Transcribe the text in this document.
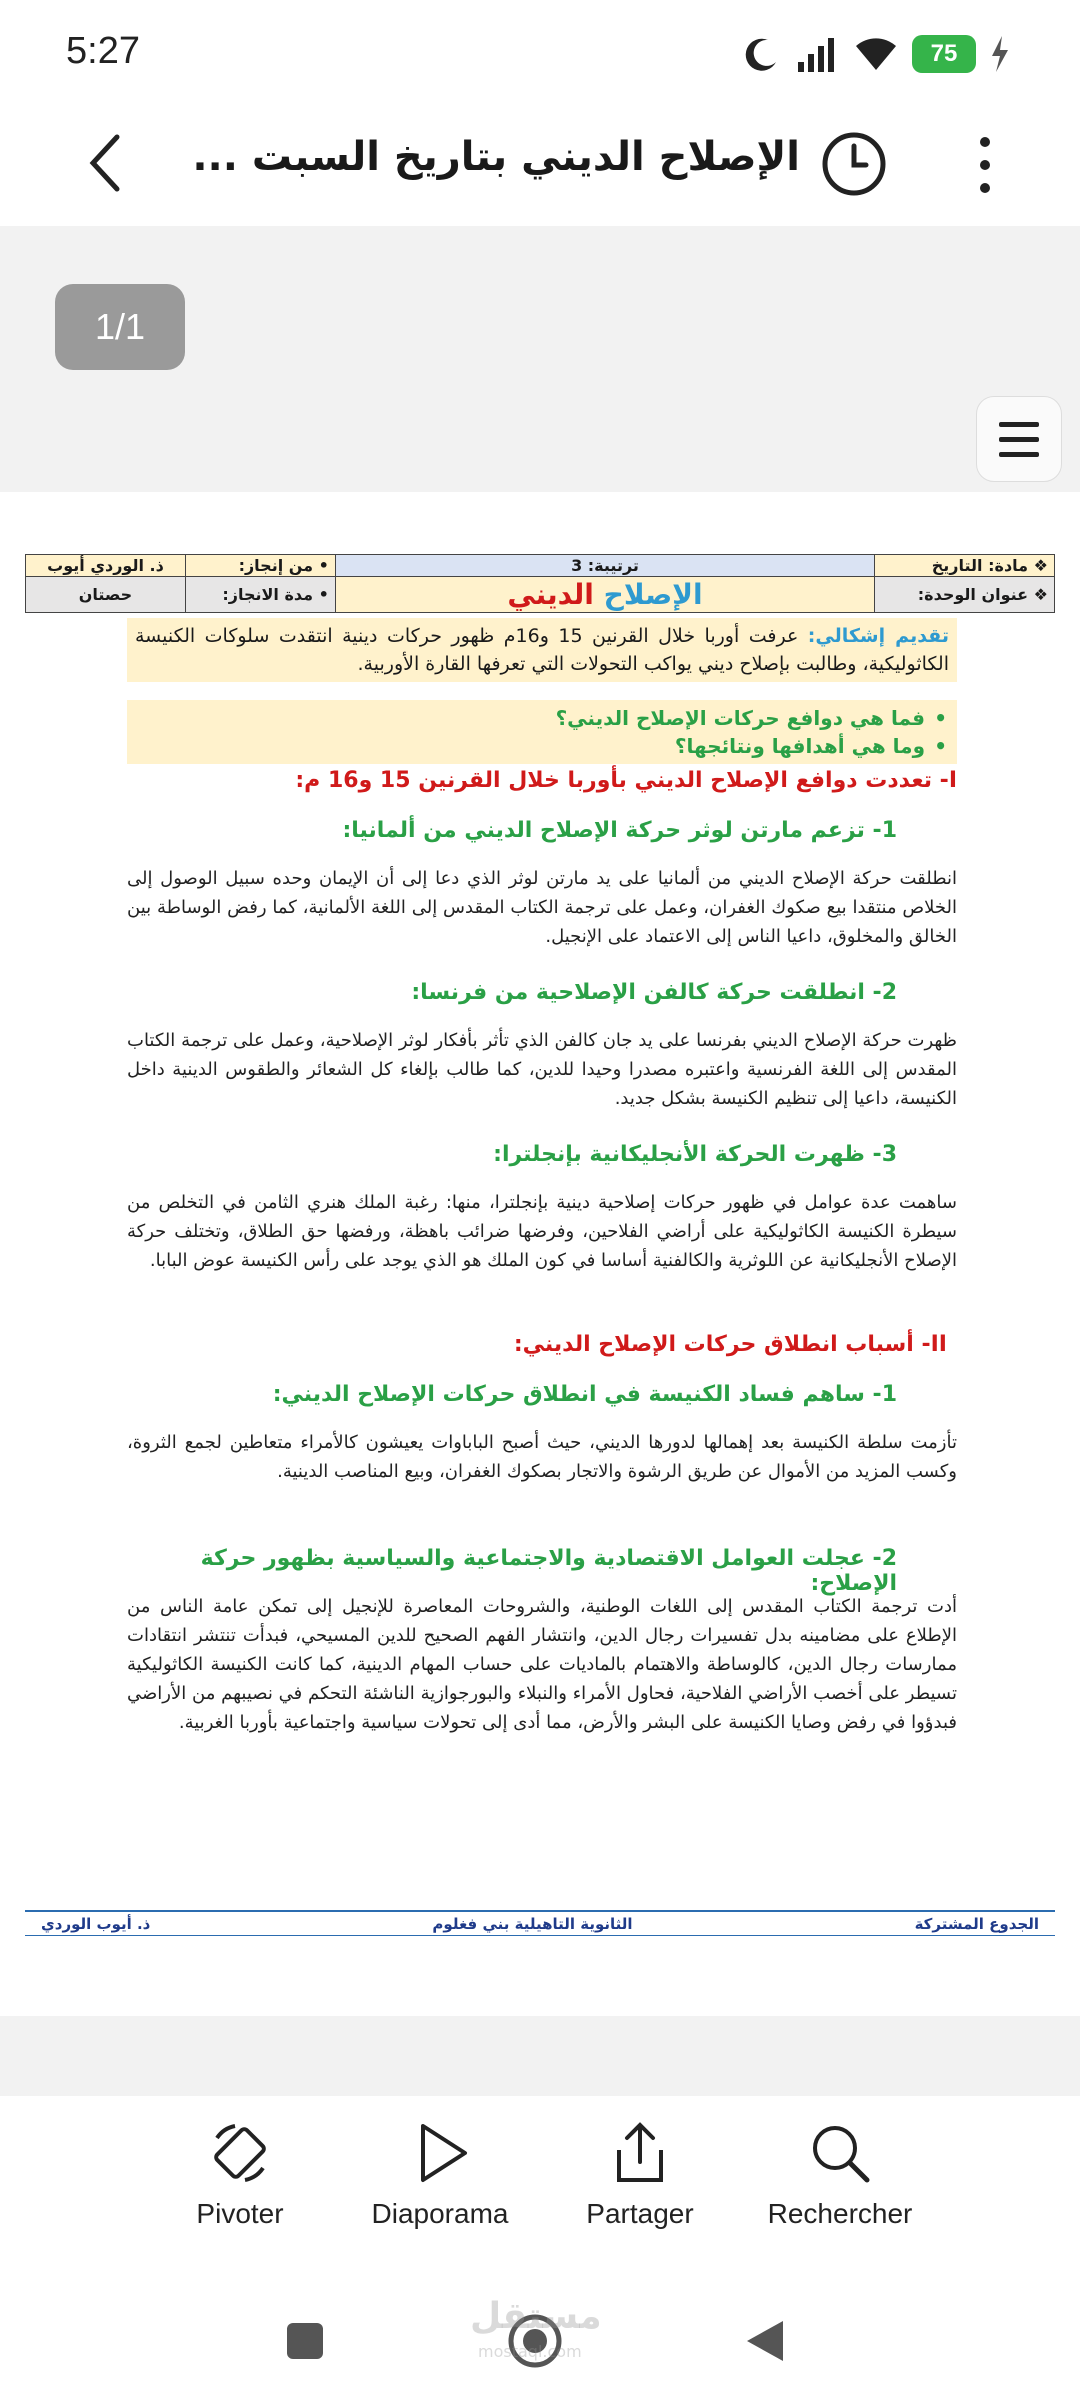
5:27	75
الإصلاح الديني بتاريخ السبت ...
1/1
❖ مادة: التاريخ	ترتيبة: 3	• من إنجاز:	ذ. الوردي أيوب
❖ عنوان الوحدة:	الإصلاح الديني	• مدة الانجاز:	حصتان
تقديم إشكالي: عرفت أوربا خلال القرنين 15 و16م ظهور حركات دينية انتقدت سلوكات الكنيسة الكاثوليكية، وطالبت بإصلاح ديني يواكب التحولات التي تعرفها القارة الأوربية.
• فما هي دوافع حركات الإصلاح الديني؟
• وما هي أهدافها ونتائجها؟
I- تعددت دوافع الإصلاح الديني بأوربا خلال القرنين 15 و16 م:
1- تزعم مارتن لوثر حركة الإصلاح الديني من ألمانيا:
انطلقت حركة الإصلاح الديني من ألمانيا على يد مارتن لوثر الذي دعا إلى أن الإيمان وحده سبيل الوصول إلى الخلاص منتقدا بيع صكوك الغفران، وعمل على ترجمة الكتاب المقدس إلى اللغة الألمانية، كما رفض الوساطة بين الخالق والمخلوق، داعيا الناس إلى الاعتماد على الإنجيل.
2- انطلقت حركة كالفن الإصلاحية من فرنسا:
ظهرت حركة الإصلاح الديني بفرنسا على يد جان كالفن الذي تأثر بأفكار لوثر الإصلاحية، وعمل على ترجمة الكتاب المقدس إلى اللغة الفرنسية واعتبره مصدرا وحيدا للدين، كما طالب بإلغاء كل الشعائر والطقوس الدينية داخل الكنيسة، داعيا إلى تنظيم الكنيسة بشكل جديد.
3- ظهرت الحركة الأنجليكانية بإنجلترا:
ساهمت عدة عوامل في ظهور حركات إصلاحية دينية بإنجلترا، منها: رغبة الملك هنري الثامن في التخلص من سيطرة الكنيسة الكاثوليكية على أراضي الفلاحين، وفرضها ضرائب باهظة، ورفضها حق الطلاق، وتختلف حركة الإصلاح الأنجليكانية عن اللوثرية والكالفنية أساسا في كون الملك هو الذي يوجد على رأس الكنيسة عوض البابا.
II- أسباب انطلاق حركات الإصلاح الديني:
1- ساهم فساد الكنيسة في انطلاق حركات الإصلاح الديني:
تأزمت سلطة الكنيسة بعد إهمالها لدورها الديني، حيث أصبح الباباوات يعيشون كالأمراء متعاطين لجمع الثروة، وكسب المزيد من الأموال عن طريق الرشوة والاتجار بصكوك الغفران، وبيع المناصب الدينية.
2- عجلت العوامل الاقتصادية والاجتماعية والسياسية بظهور حركة الإصلاح:
أدت ترجمة الكتاب المقدس إلى اللغات الوطنية، والشروحات المعاصرة للإنجيل إلى تمكن عامة الناس من الإطلاع على مضامينه بدل تفسيرات رجال الدين، وانتشار الفهم الصحيح للدين المسيحي، فبدأت تنتشر انتقادات ممارسات رجال الدين، كالوساطة والاهتمام بالماديات على حساب المهام الدينية، كما كانت الكنيسة الكاثوليكية تسيطر على أخصب الأراضي الفلاحية، فحاول الأمراء والنبلاء والبورجوازية الناشئة التحكم في نصيبهم من الأراضي فبدؤوا في رفض وصايا الكنيسة على البشر والأرض، مما أدى إلى تحولات سياسية واجتماعية بأوربا الغربية.
الجدوع المشتركة
الثانوية التاهيلية بني فغلوم
ذ. أيوب الوردي
Pivoter	Diaporama	Partager	Rechercher
مستقل
mostaql.com
